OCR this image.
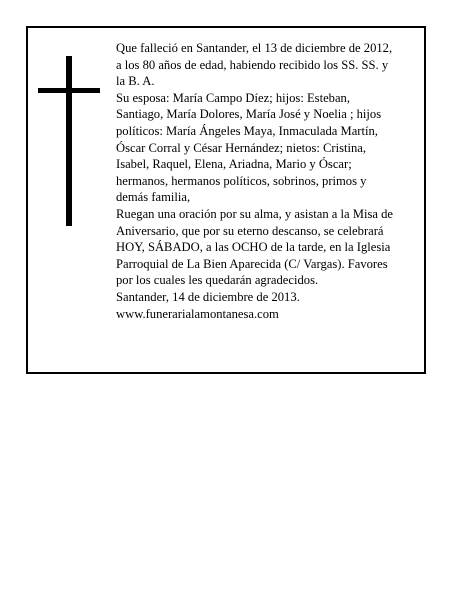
Que falleció en Santander, el 13 de diciembre de 2012,

a los 80 años de edad, habiendo recibido los SS. SS. y

la B. A.

Su esposa: María Campo Díez; hijos: Esteban,

Santiago, María Dolores, María José y Noelia ; hijos

políticos: María Ángeles Maya, Inmaculada Martín,

Óscar Corral y César Hernández; nietos: Cristina,

Isabel, Raquel, Elena, Ariadna, Mario y Óscar;

hermanos, hermanos políticos, sobrinos, primos y

demás familia,

Ruegan una oración por su alma, y asistan a la Misa de

Aniversario, que por su eterno descanso, se celebrará

HOY, SÁBADO, a las OCHO de la tarde, en la Iglesia

Parroquial de La Bien Aparecida (C/ Vargas). Favores

por los cuales les quedarán agradecidos.

Santander, 14 de diciembre de 2013.

www.funerarialamontanesa.com
